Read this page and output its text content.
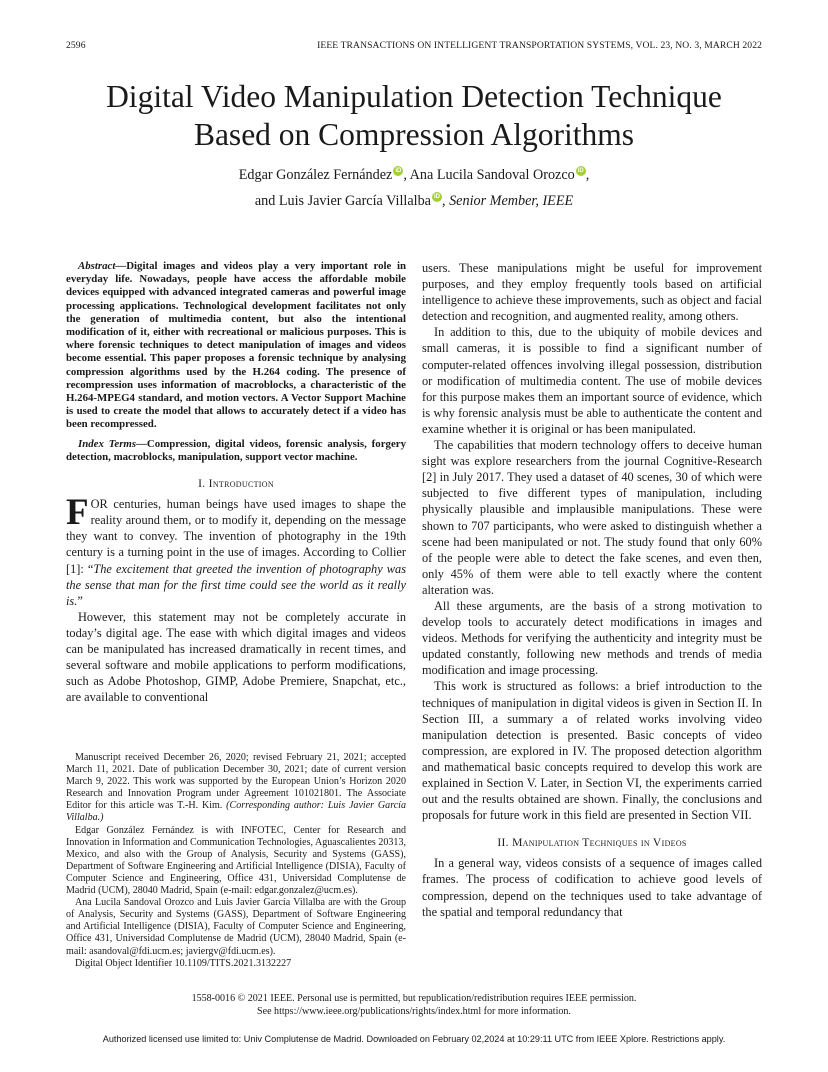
2596	IEEE TRANSACTIONS ON INTELLIGENT TRANSPORTATION SYSTEMS, VOL. 23, NO. 3, MARCH 2022
Digital Video Manipulation Detection Technique
Based on Compression Algorithms
Edgar González Fernández iD , Ana Lucila Sandoval Orozco iD ,
and Luis Javier García Villalba iD , Senior Member, IEEE

Abstract—Digital images and videos play a very important role in everyday life. Nowadays, people have access the affordable mobile devices equipped with advanced integrated cameras and powerful image processing applications. Technological development facilitates not only the generation of multimedia content, but also the intentional modification of it, either with recreational or malicious purposes. This is where forensic techniques to detect manipulation of images and videos become essential. This paper proposes a forensic technique by analysing compression algorithms used by the H.264 coding. The presence of recompression uses information of macroblocks, a characteristic of the H.264-MPEG4 standard, and motion vectors. A Vector Support Machine is used to create the model that allows to accurately detect if a video has been recompressed.

Index Terms—Compression, digital videos, forensic analysis, forgery detection, macroblocks, manipulation, support vector machine.

I. Introduction

FOR centuries, human beings have used images to shape the reality around them, or to modify it, depending on the message they want to convey. The invention of photography in the 19th century is a turning point in the use of images. According to Collier [1]: “The excitement that greeted the invention of photography was the sense that man for the first time could see the world as it really is.”

However, this statement may not be completely accurate in today’s digital age. The ease with which digital images and videos can be manipulated has increased dramatically in recent times, and several software and mobile applications to perform modifications, such as Adobe Photoshop, GIMP, Adobe Premiere, Snapchat, etc., are available to conventional

Manuscript received December 26, 2020; revised February 21, 2021; accepted March 11, 2021. Date of publication December 30, 2021; date of current version March 9, 2022. This work was supported by the European Union’s Horizon 2020 Research and Innovation Program under Agreement 101021801. The Associate Editor for this article was T.-H. Kim. (Corresponding author: Luis Javier García Villalba.)

Edgar González Fernández is with INFOTEC, Center for Research and Innovation in Information and Communication Technologies, Aguascalientes 20313, Mexico, and also with the Group of Analysis, Security and Systems (GASS), Department of Software Engineering and Artificial Intelligence (DISIA), Faculty of Computer Science and Engineering, Office 431, Universidad Complutense de Madrid (UCM), 28040 Madrid, Spain (e-mail: edgar.gonzalez@ucm.es).

Ana Lucila Sandoval Orozco and Luis Javier García Villalba are with the Group of Analysis, Security and Systems (GASS), Department of Software Engineering and Artificial Intelligence (DISIA), Faculty of Computer Science and Engineering, Office 431, Universidad Complutense de Madrid (UCM), 28040 Madrid, Spain (e-mail: asandoval@fdi.ucm.es; javiergv@fdi.ucm.es).

Digital Object Identifier 10.1109/TITS.2021.3132227

users. These manipulations might be useful for improvement purposes, and they employ frequently tools based on artificial intelligence to achieve these improvements, such as object and facial detection and recognition, and augmented reality, among others.

In addition to this, due to the ubiquity of mobile devices and small cameras, it is possible to find a significant number of computer-related offences involving illegal possession, distribution or modification of multimedia content. The use of mobile devices for this purpose makes them an important source of evidence, which is why forensic analysis must be able to authenticate the content and examine whether it is original or has been manipulated.

The capabilities that modern technology offers to deceive human sight was explore researchers from the journal Cognitive-Research [2] in July 2017. They used a dataset of 40 scenes, 30 of which were subjected to five different types of manipulation, including physically plausible and implausible manipulations. These were shown to 707 participants, who were asked to distinguish whether a scene had been manipulated or not. The study found that only 60% of the people were able to detect the fake scenes, and even then, only 45% of them were able to tell exactly where the content alteration was.

All these arguments, are the basis of a strong motivation to develop tools to accurately detect modifications in images and videos. Methods for verifying the authenticity and integrity must be updated constantly, following new methods and trends of media modification and image processing.

This work is structured as follows: a brief introduction to the techniques of manipulation in digital videos is given in Section II. In Section III, a summary a of related works involving video manipulation detection is presented. Basic concepts of video compression, are explored in IV. The proposed detection algorithm and mathematical basic concepts required to develop this work are explained in Section V. Later, in Section VI, the experiments carried out and the results obtained are shown. Finally, the conclusions and proposals for future work in this field are presented in Section VII.

II. Manipulation Techniques in Videos

In a general way, videos consists of a sequence of images called frames. The process of codification to achieve good levels of compression, depend on the techniques used to take advantage of the spatial and temporal redundancy that

1558-0016 © 2021 IEEE. Personal use is permitted, but republication/redistribution requires IEEE permission.
See https://www.ieee.org/publications/rights/index.html for more information.
Authorized licensed use limited to: Univ Complutense de Madrid. Downloaded on February 02,2024 at 10:29:11 UTC from IEEE Xplore. Restrictions apply.
